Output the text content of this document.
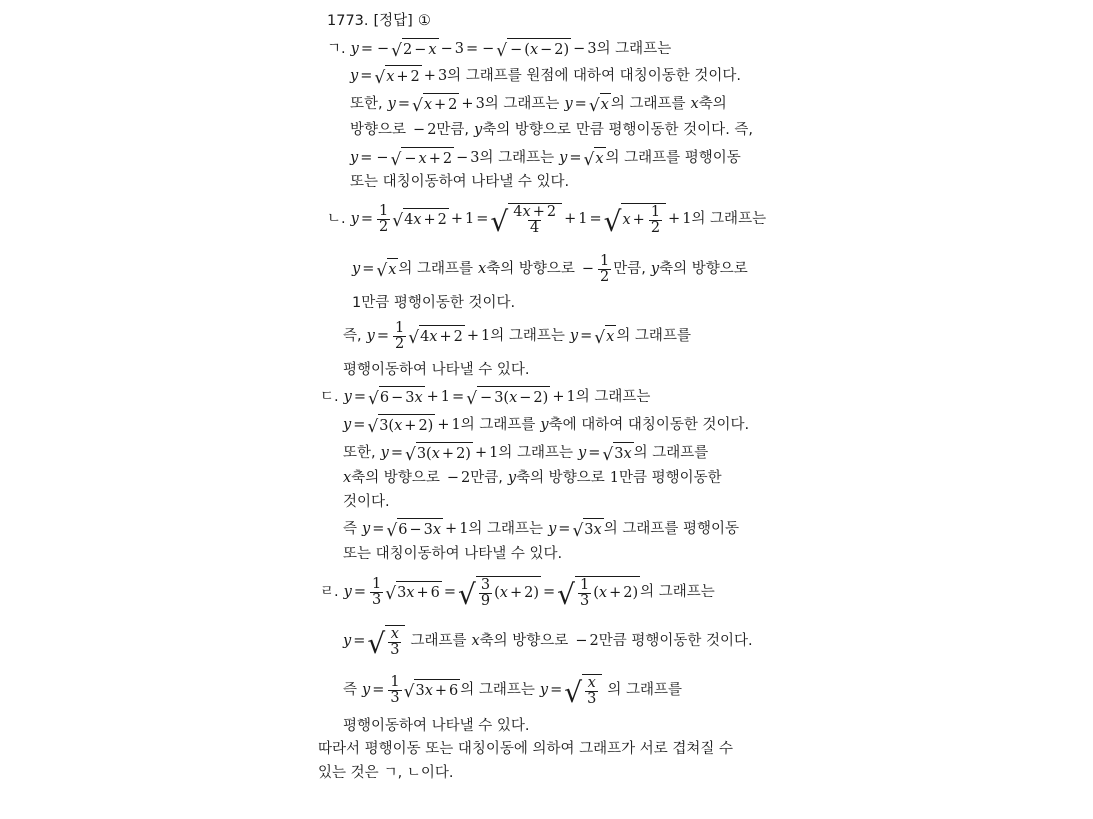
1773. [정답] ①
ㄱ. y = − √ 2 − x − 3 = − √ − ( x − 2) − 3 의 그래프는
y = √ x + 2 + 3 의 그래프를 원점에 대하여 대칭이동한 것이다.
또한, y = √ x + 2 + 3 의 그래프는 y = √ x 의 그래프를 x 축의
방향으로 − 2 만큼, y 축의 방향으로 만큼 평행이동한 것이다. 즉,
y = − √ − x + 2 − 3 의 그래프는 y = √ x 의 그래프를 평행이동
또는 대칭이동하여 나타낼 수 있다.
ㄴ. $y = \frac{1}{2}$ √ 4 x + 2 + 1 = √ $\frac{4x + 2}{4} + 1$ = √ $x + \frac{1}{2} + 1$ 의 그래프는
y = √ x 의 그래프를 x 축의 방향으로 − $\frac{1}{2}$ 만큼, y 축의 방향으로
1만큼 평행이동한 것이다.
즉, $y = \frac{1}{2}$ √ 4 x + 2 + 1 의 그래프는 y = √ x 의 그래프를
평행이동하여 나타낼 수 있다.
ㄷ. y = √ 6 − 3 x + 1 = √ − 3( x − 2) + 1 의 그래프는
y = √ 3( x + 2) + 1 의 그래프를 y 축에 대하여 대칭이동한 것이다.
또한, y = √ 3( x + 2) + 1 의 그래프는 y = √ 3 x 의 그래프를
x 축의 방향으로 − 2 만큼, y 축의 방향으로 1 만큼 평행이동한
것이다.
즉 y = √ 6 − 3 x + 1 의 그래프는 y = √ 3 x 의 그래프를 평행이동
또는 대칭이동하여 나타낼 수 있다.
ㄹ. $y = \frac{1}{3}$ √ 3 x + 6 = √ $\frac{3}{9}$ ( x + 2) = √ $\frac{1}{3}$ ( x + 2) 의 그래프는
y = √ $\frac{x}{3}$ 그래프를 x 축의 방향으로 − 2 만큼 평행이동한 것이다.
즉 $y = \frac{1}{3}$ √ 3 x + 6 의 그래프는 y = √ $\frac{x}{3}$ 의 그래프를
평행이동하여 나타낼 수 있다.
따라서 평행이동 또는 대칭이동에 의하여 그래프가 서로 겹쳐질 수
있는 것은 ㄱ, ㄴ 이다.
